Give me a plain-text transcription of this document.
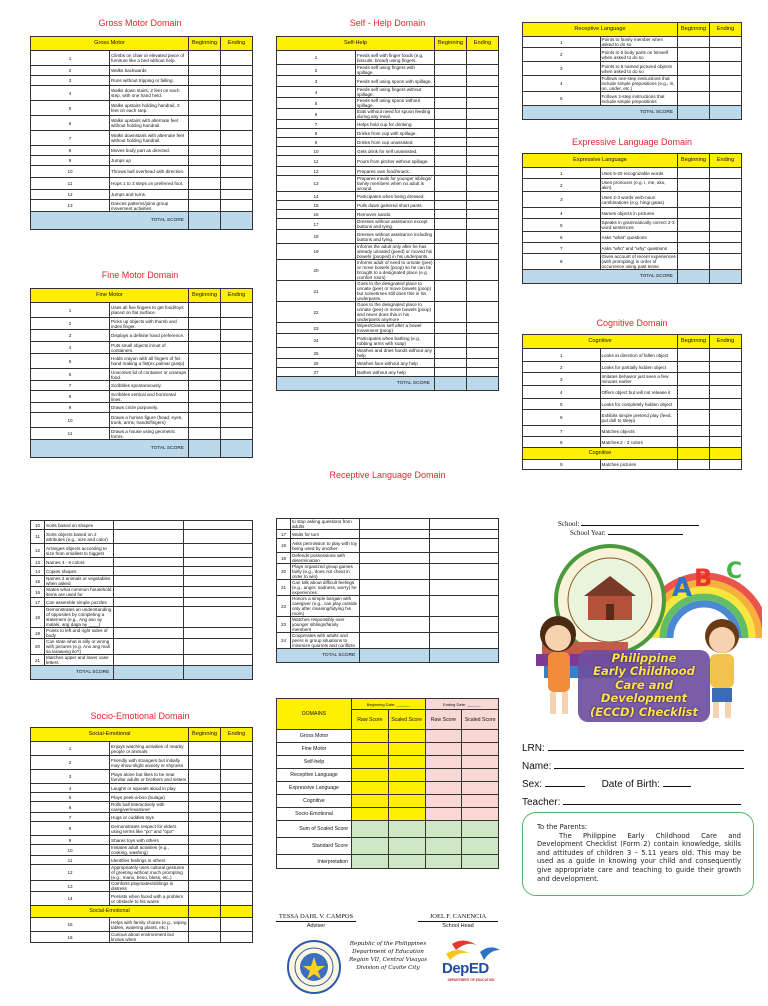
Gross Motor Domain
Gross Motor		Beginning	Ending
1	Climbs on chair or elevated piece of furniture like a bed without help.		
2	Walks backwards		
3	Runs without tripping or falling.		
4	Walks down stairs, 2 feet on each step, with one hand held.		
5	Walks upstairs holding handrail, 2 feet on each step.		
6	Walks upstairs with alternate feet without holding handrail.		
7	Walks downstairs with alternate feet without holding handrail.		
8	Moves body part as directed.		
9	Jumps up		
10	Throws ball overhead with direction.		
11	Hops 1 to 3 steps on preferred foot.		
12	Jumps and turns.		
13	Dances patterns/joins group movement activities.		
TOTAL SCORE			
Fine Motor Domain
Fine Motor		Beginning	Ending
1	Uses all five fingers to get food/toys placed on flat surface.		
2	Picks up objects with thumb and index finger.		
3	Displays a definite hand preference.		
4	Puts small objects in/out of containers.		
5	Holds crayon with all fingers of his hand making a fist(ex.palmar grasp)		
6	Unscrews lid of container or unwraps food.		
7	Scribbles spontaneously.		
8	Scribbles vertical and horizontal lines.		
9	Draws circle purposely.		
10	Draws a human figure (head, eyes, trunk, arms, hands/fingers)		
11	Draws a house using geometric forms.		
TOTAL SCORE			
Self - Help Domain
Self-Help		Beginning	Ending
1	Feeds self with finger foods (e.g. biscuits, bread) using fingers.		
2	Feeds self using fingers with spillage.		
3	Feeds self using spoon with spillage.		
4	Feeds self using fingers without spillage.		
5	Feeds self using spoon without spillage.		
6	Eats without need for spoon feeding during any meal.		
7	Helps hold cup for drinking.		
8	Drinks from cup with spillage.		
9	Drinks from cup unassisted.		
10	Gets drink for self unassisted.		
11	Pours from pitcher without spillage.		
12	Prepares own food/snack.		
13	Prepares meals for younger siblings/ family members when no adult is around.		
14	Participates when being dressed.		
15	Pulls down gartered short pants.		
16	Removes sando.		
17	Dresses without assistance except buttons and tying.		
18	Dresses without assistance including buttons and tying.		
19	Informs the adult only after he has already urinated (peed) or moved his bowels (pooped) in his underpants.		
20	Informs adult of need to urinate (pee) or move bowels (poop) so he can be brought to a designated place (e.g. comfort room)		
21	Goes to the designated place to urinate (pee) or move bowels (poop) but sometimes still does this in his underpants.		
22	Goes to the designated place to urinate (pee) or move bowels (poop) and never does this in his underpants anymore		
23	Wipes/Cleans self after a bowel movement (poop)		
24	Participates when bathing (e.g. rubbing arms with soap)		
25	Washes and dries hands without any help		
26	Washes face without any help		
27	Bathes without any help		
TOTAL SCORE			
Receptive Language Domain
Receptive Language		Beginning	Ending
1	Points to family member when asked to do so		
2	Points to 5 body parts on himself when asked to do so		
3	Points to 5 named pictured objects when asked to do so		
4	Follows one-step instructions that include simple prepositions (e.g., in, on, under, etc.)		
5	Follows 2-step instructions that include simple prepositions		
TOTAL SCORE			
Expressive Language Domain
Expressive Language		Beginning	Ending
1	Uses 5-20 recognizable words		
2	Uses pronouns (e.g. I, me, ako, akin)		
3	Uses 2-3 words verb-noun combinations (e.g. hingi gatas)		
4	Names objects in pictures		
5	Speaks in grammatically correct 2-3 word sentences		
6	Asks "what" questions		
7	Asks "who" and "why" questions		
8	Gives account of recent experiences (with prompting) in order of occurrence using past tense		
TOTAL SCORE			
Cognitive Domain
Cognitive		Beginning	Ending
1	Looks at direction of fallen object		
2	Looks for partially hidden object		
3	Imitates behavior just seen a few minutes earlier		
4	Offers object but will not release it		
5	Looks for completely hidden object		
6	Exhibits simple pretend play (feed, put doll to sleep)		
7	Matches objects		
8	Matches 2 - 3 colors		
Cognitive			
9	Matches pictures		
10	Sorts based on shapes		
11	Sorts objects based on 2 attributes (e.g., size and color)		
12	Arranges objects according to size from smallest to biggest		
13	Names 4 - 6 colors		
14	Copies shapes		
15	Names 3 animals or vegetables when asked		
16	States what common household items are used for		
17	Can assemble simple puzzles		
18	Demonstrates an understanding of opposites by completing a statement (e.g., Ang aso ay malaki, ang daga ay ____)		
19	Points to left and right sides of body		
20	Can state what is silly or wrong with pictures (e.g. Ano ang mali sa larawang ito?)		
21	Matches upper and lower case letters		
TOTAL SCORE			
Socio-Emotional Domain
Social-Emotional		Beginning	Ending
1	Enjoys watching activities of nearby people or animals		
2	Friendly with strangers but initially may show slight anxiety or shyness		
3	Plays alone but likes to be near familiar adults or brothers and sisters		
4	Laughs or squeals aloud in play		
5	Plays peek-a-boo (bulaga)		
6	Rolls ball interactively with caregiver/examiner		
7	Hugs or cuddles toys		
8	Demonstrates respect for elders using terms like "po" and "opo"		
9	Shares toys with others		
10	Imitates adult activities (e.g., cooking, washing)		
11	Identifies feelings in others		
12	Appropriately uses cultural gestures of greeting without much prompting (e.g., mano, beso, bless, etc.)		
13	Comforts playmates/siblings in distress		
14	Persists when faced with a problem or obstacle to his wants		
Social-Emotional			
15	Helps with family chores (e.g., wiping tables, watering plants, etc.)		
16	Curious about environment but knows when		
	to stop asking questions from adults		
17	Waits for turn		
18	Asks permission to play with toy being used by another		
19	Defends possessions with determination		
20	Plays organized group games fairly (e.g., does not cheat in order to win)		
21	Can talk about difficult feelings (e.g., anger, sadness, worry) he experiences.		
22	Honors a simple bargain with caregiver (e.g., can play outside only after cleaning/tidying his room)		
23	Watches responsibly over younger siblings/family members		
24	Cooperates with adults and peers in group situations to minimize quarrels and conflicts		
TOTAL SCORE			
DOMAINS	Beginning Date: ______		Ending Date: ______	
	Raw Score	Scaled Score	Raw Score	Scaled Score
Gross Motor				
Fine Motor				
Self-help				
Receptive Language				
Expressive Language				
Cognitive				
Socio-Emotional				
Sum of Scaled Score				
Standard Score				
Interpretation				
TESSA DAHL V. CAMPOS
Adviser
JOEL F. CANENCIA
School Head
Republic of the Philippines
Department of Education
Region VII, Central Visayas
Division of Cavite City	DepED
DEPARTMENT OF EDUCATION
School:
School Year:
A B C
Philippine
Early Childhood
Care and
Development
(ECCD) Checklist
LRN:
Name:
Sex:	Date of Birth:
Teacher:
To the Parents:
The Philippine Early Childhood Care and Development Checklist (Form 2) contain knowledge, skills and attitudes of children 3 – 5.11 years old. This may be used as a guide in knowing your child and consequently give appropriate care and teaching to guide their growth and development.
